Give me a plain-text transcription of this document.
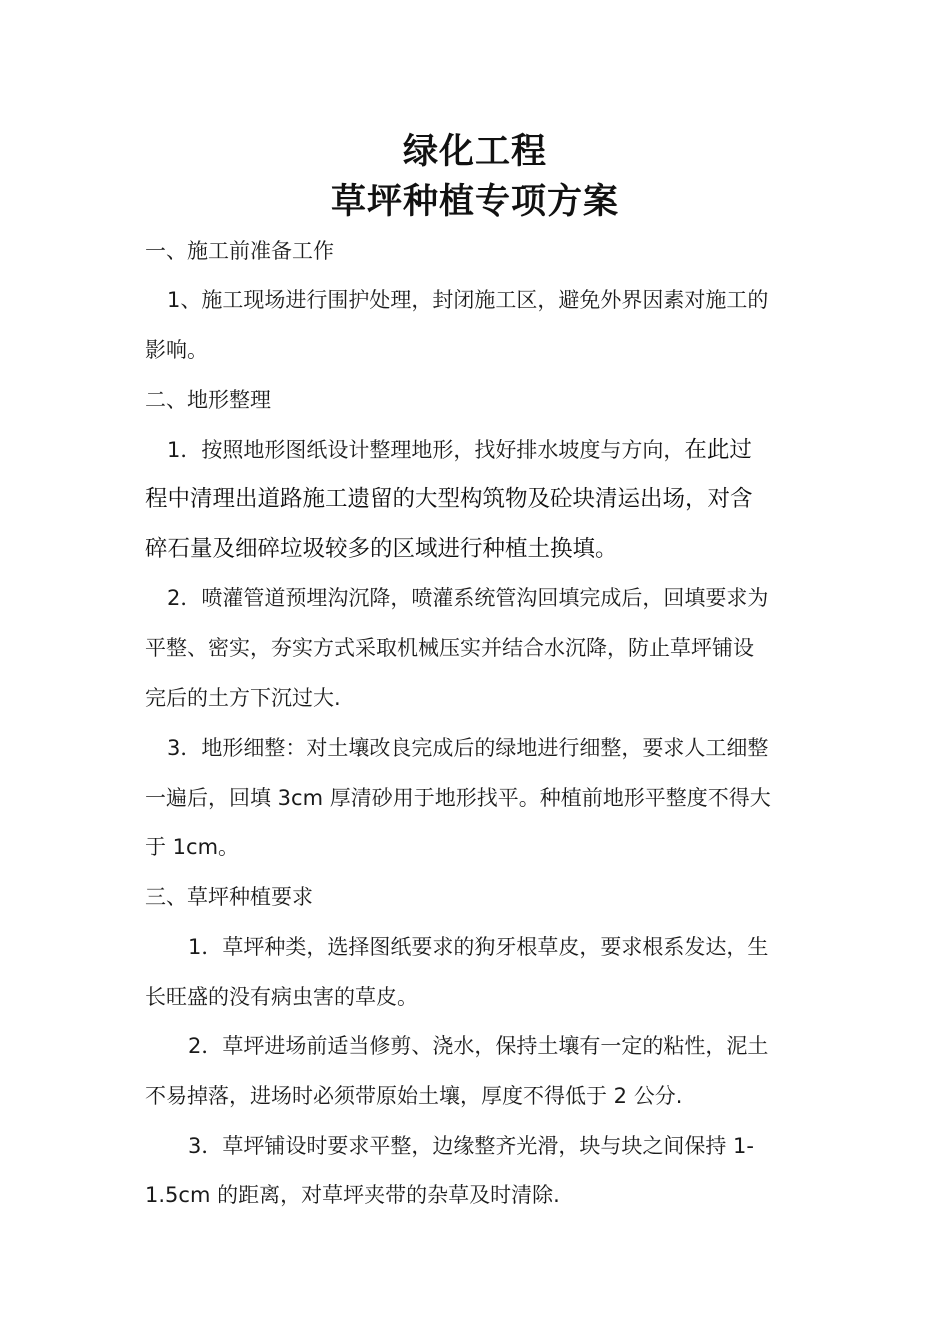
绿化工程
草坪种植专项方案
一、施工前准备工作
1、施工现场进行围护处理，封闭施工区，避免外界因素对施工的
影响。
二、地形整理
1．按照地形图纸设计整理地形，找好排水坡度与方向，在此过
程中清理出道路施工遗留的大型构筑物及砼块清运出场，对含
碎石量及细碎垃圾较多的区域进行种植土换填。
2．喷灌管道预埋沟沉降，喷灌系统管沟回填完成后，回填要求为
平整、密实，夯实方式采取机械压实并结合水沉降，防止草坪铺设
完后的土方下沉过大.
3．地形细整：对土壤改良完成后的绿地进行细整，要求人工细整
一遍后，回填 3cm 厚清砂用于地形找平。种植前地形平整度不得大
于 1cm。
三、草坪种植要求
1．草坪种类，选择图纸要求的狗牙根草皮，要求根系发达，生
长旺盛的没有病虫害的草皮。
2．草坪进场前适当修剪、浇水，保持土壤有一定的粘性，泥土
不易掉落，进场时必须带原始土壤，厚度不得低于 2 公分.
3．草坪铺设时要求平整，边缘整齐光滑，块与块之间保持 1-
1.5cm 的距离，对草坪夹带的杂草及时清除.
